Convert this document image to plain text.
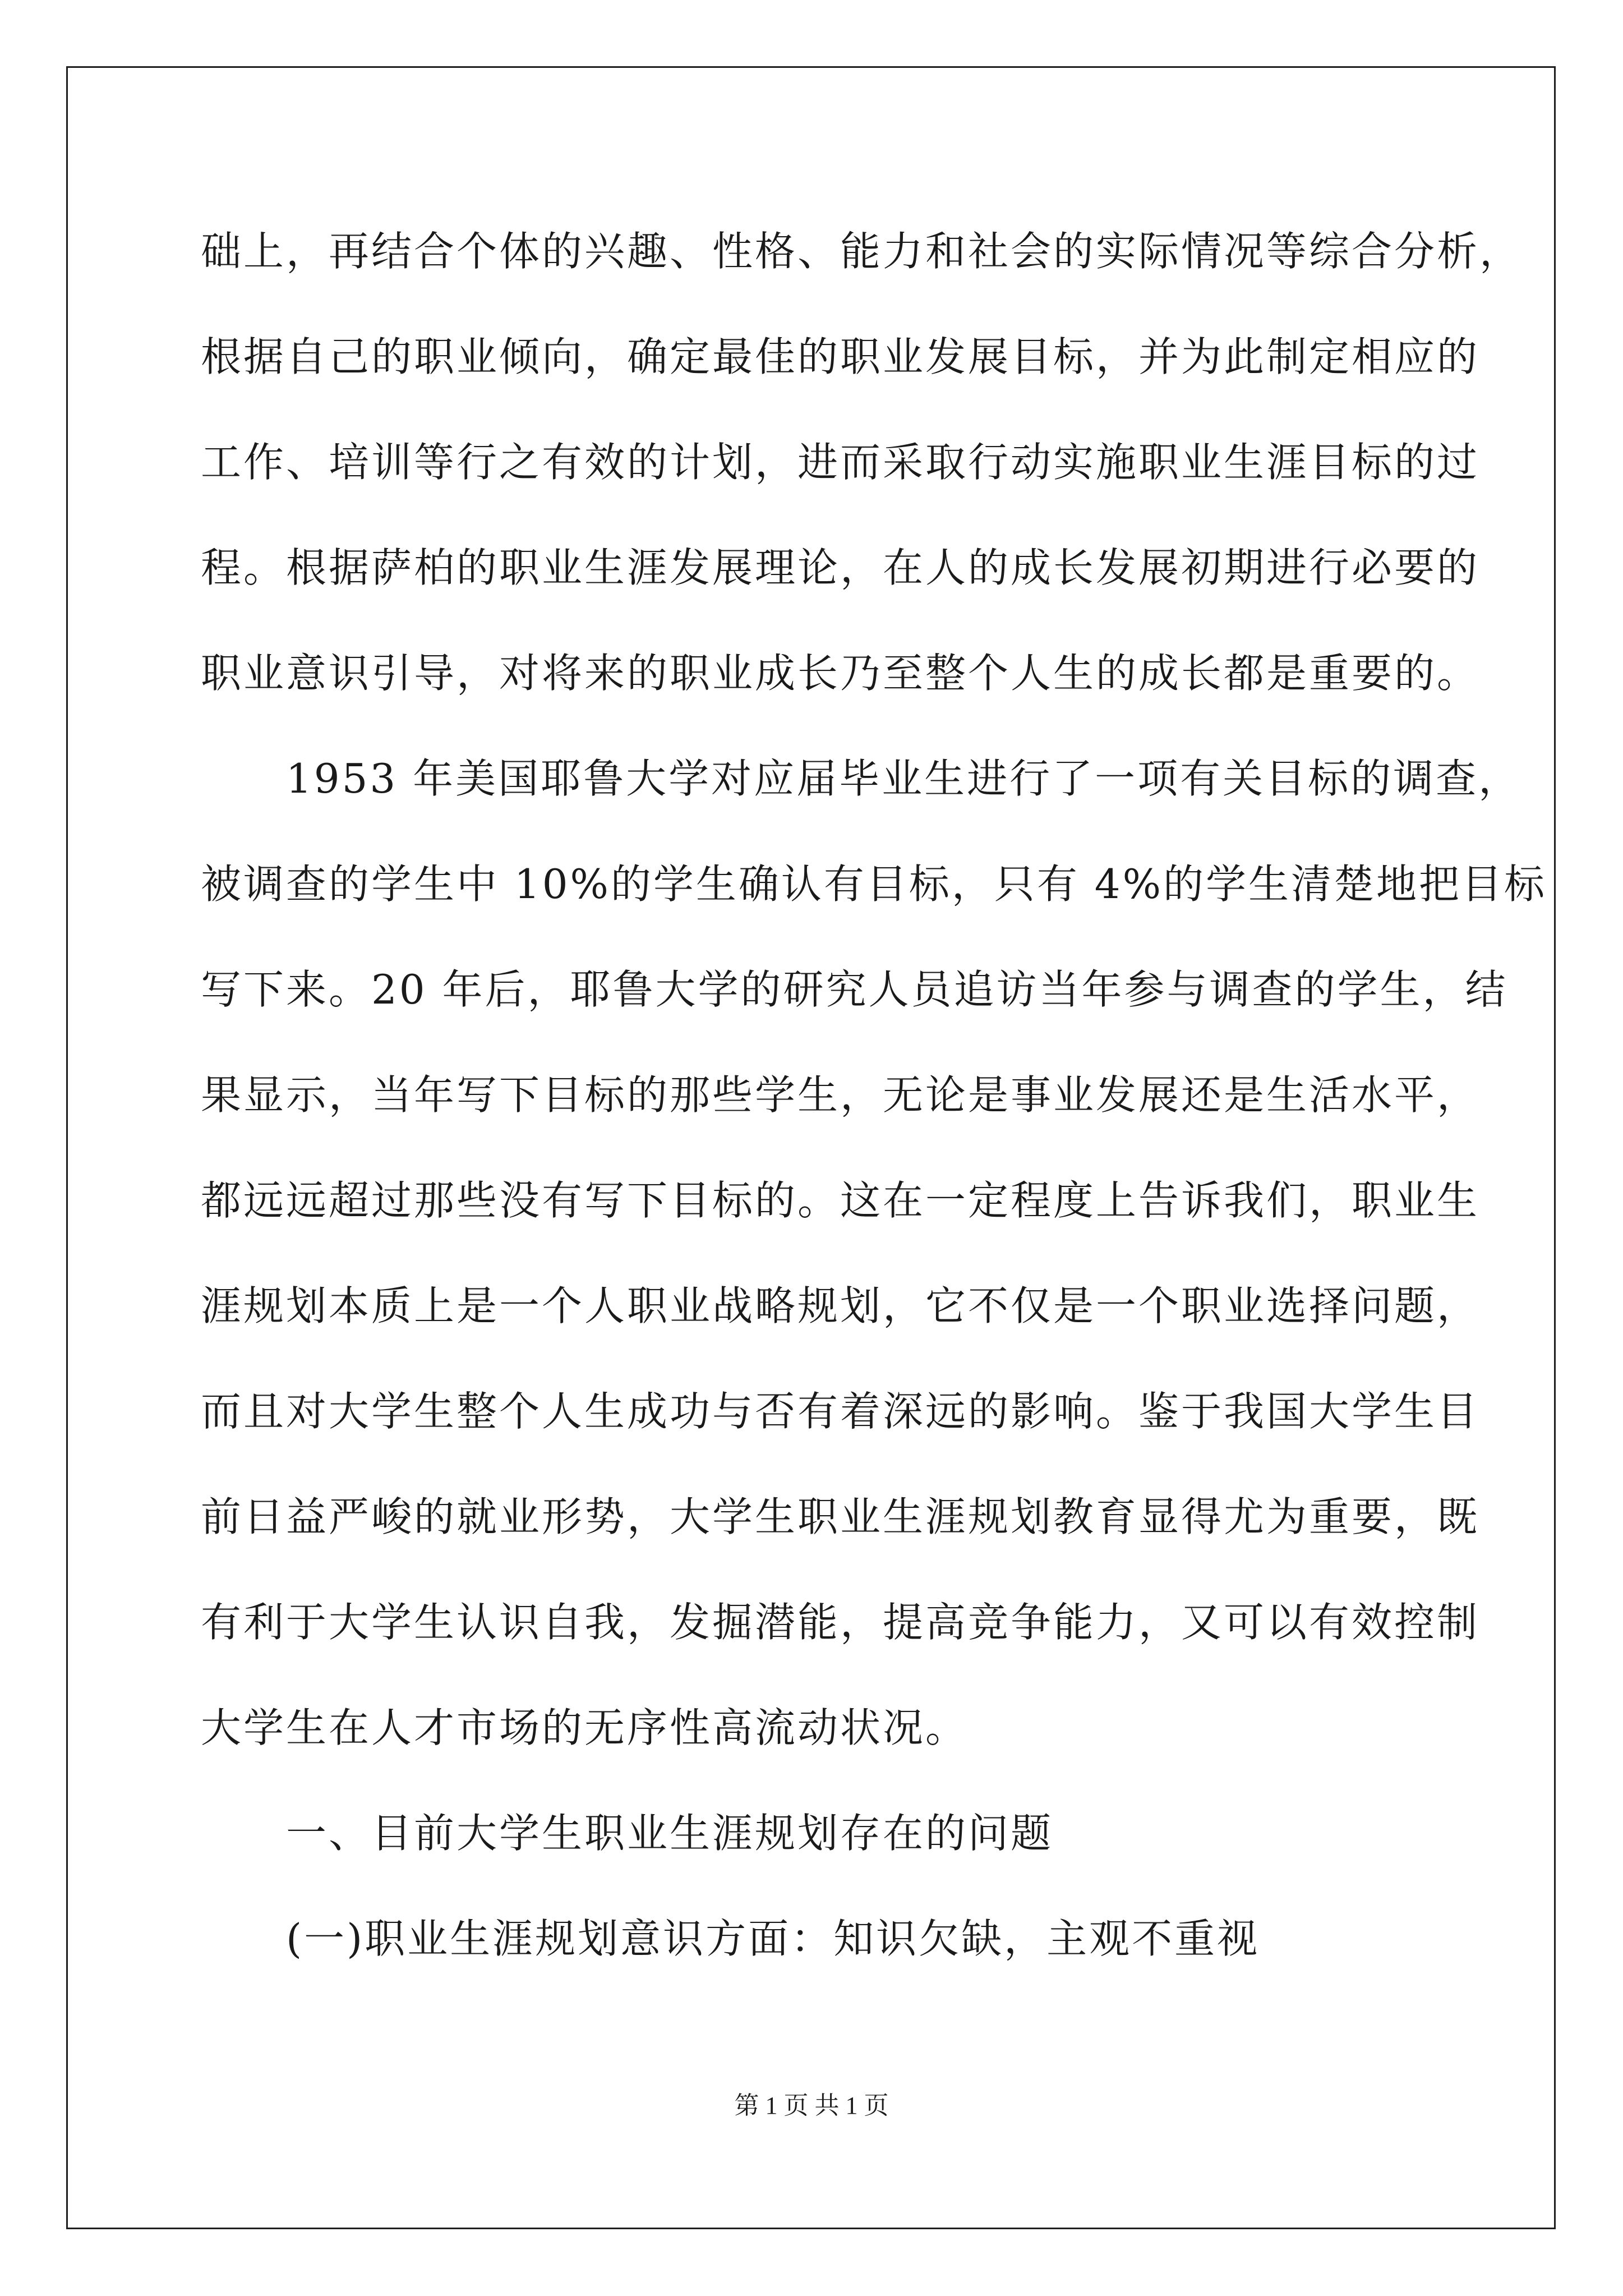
础上，再结合个体的兴趣、性格、能力和社会的实际情况等综合分析，
根据自己的职业倾向，确定最佳的职业发展目标，并为此制定相应的
工作、培训等行之有效的计划，进而采取行动实施职业生涯目标的过
程。根据萨柏的职业生涯发展理论，在人的成长发展初期进行必要的
职业意识引导，对将来的职业成长乃至整个人生的成长都是重要的。
1953 年美国耶鲁大学对应届毕业生进行了一项有关目标的调查，
被调查的学生中 10%的学生确认有目标，只有 4%的学生清楚地把目标
写下来。20 年后，耶鲁大学的研究人员追访当年参与调查的学生，结
果显示，当年写下目标的那些学生，无论是事业发展还是生活水平，
都远远超过那些没有写下目标的。这在一定程度上告诉我们，职业生
涯规划本质上是一个人职业战略规划，它不仅是一个职业选择问题，
而且对大学生整个人生成功与否有着深远的影响。鉴于我国大学生目
前日益严峻的就业形势，大学生职业生涯规划教育显得尤为重要，既
有利于大学生认识自我，发掘潜能，提高竞争能力，又可以有效控制
大学生在人才市场的无序性高流动状况。
一、目前大学生职业生涯规划存在的问题
(一)职业生涯规划意识方面：知识欠缺，主观不重视
第 1 页 共 1 页
